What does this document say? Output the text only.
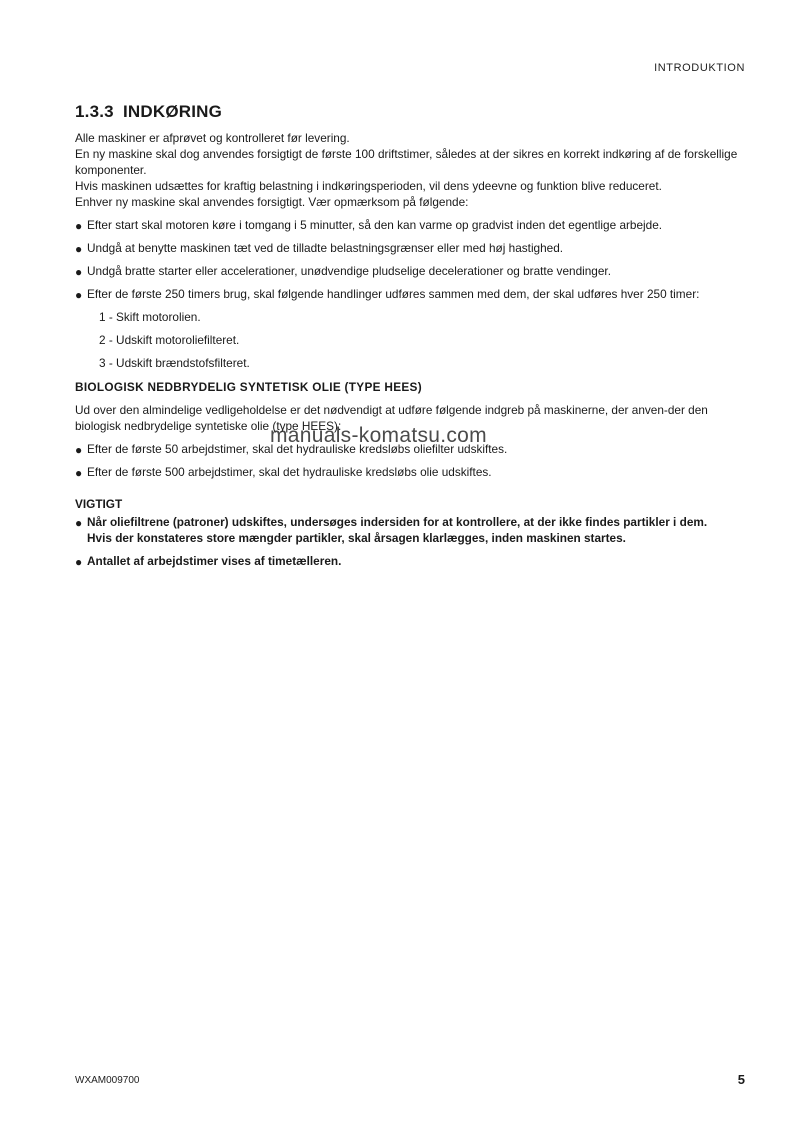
INTRODUKTION
1.3.3 INDKØRING

Alle maskiner er afprøvet og kontrolleret før levering.

En ny maskine skal dog anvendes forsigtigt de første 100 driftstimer, således at der sikres en korrekt indkøring af de forskellige komponenter.

Hvis maskinen udsættes for kraftig belastning i indkøringsperioden, vil dens ydeevne og funktion blive reduceret.

Enhver ny maskine skal anvendes forsigtigt. Vær opmærksom på følgende:

● Efter start skal motoren køre i tomgang i 5 minutter, så den kan varme op gradvist inden det egentlige arbejde.
● Undgå at benytte maskinen tæt ved de tilladte belastningsgrænser eller med høj hastighed.
● Undgå bratte starter eller accelerationer, unødvendige pludselige decelerationer og bratte vendinger.
● Efter de første 250 timers brug, skal følgende handlinger udføres sammen med dem, der skal udføres hver 250 timer:
1 - Skift motorolien.
2 - Udskift motoroliefilteret.
3 - Udskift brændstofsfilteret.

BIOLOGISK NEDBRYDELIG SYNTETISK OLIE (TYPE HEES)

Ud over den almindelige vedligeholdelse er det nødvendigt at udføre følgende indgreb på maskinerne, der anven-der den biologisk nedbrydelige syntetiske olie (type HEES):

● Efter de første 50 arbejdstimer, skal det hydrauliske kredsløbs oliefilter udskiftes.
● Efter de første 500 arbejdstimer, skal det hydrauliske kredsløbs olie udskiftes.

VIGTIGT

● Når oliefiltrene (patroner) udskiftes, undersøges indersiden for at kontrollere, at der ikke findes partikler i dem.
Hvis der konstateres store mængder partikler, skal årsagen klarlægges, inden maskinen startes.
● Antallet af arbejdstimer vises af timetælleren.
WXAM009700	5
manuals-komatsu.com
